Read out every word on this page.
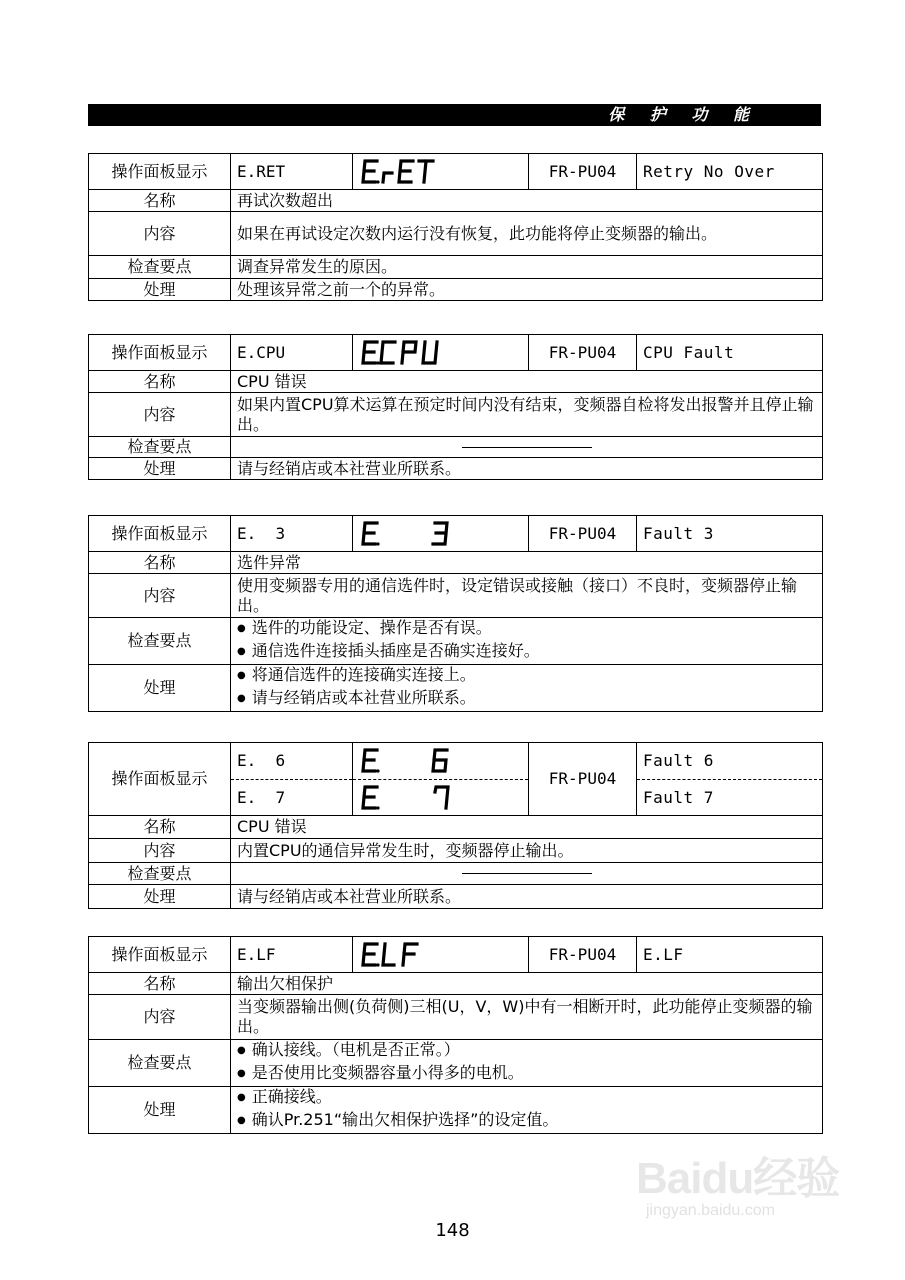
保 护 功 能
操作面板显示	E.RET		FR-PU04	Retry No Over
名称	再试次数超出			
内容	如果在再试设定次数内运行没有恢复，此功能将停止变频器的输出。			
检查要点	调查异常发生的原因。			
处理	处理该异常之前一个的异常。			
操作面板显示	E.CPU		FR-PU04	CPU Fault
名称	CPU 错误			
内容	如果内置CPU算术运算在预定时间内没有结束，变频器自检将发出报警并且停止输出。			
检查要点				

处理	请与经销店或本社营业所联系。			
操作面板显示	E.  3		FR-PU04	Fault 3
名称	选件异常			
内容	使用变频器专用的通信选件时，设定错误或接触（接口）不良时，变频器停止输出。			
检查要点	● 选件的功能设定、操作是否有误。
● 通信选件连接插头插座是否确实连接好。

处理	● 将通信选件的连接确实连接上。
● 请与经销店或本社营业所联系。
操作面板显示	E.  6		FR-PU04	Fault 6
	E.  7			Fault 7
名称	CPU 错误			
内容	内置CPU的通信异常发生时，变频器停止输出。			
检查要点				

处理	请与经销店或本社营业所联系。			
操作面板显示	E.LF		FR-PU04	E.LF
名称	输出欠相保护			
内容	当变频器输出侧(负荷侧)三相(U，V，W)中有一相断开时，此功能停止变频器的输出。			
检查要点	● 确认接线。（电机是否正常。）
● 是否使用比变频器容量小得多的电机。

处理	● 正确接线。
● 确认Pr.251“输出欠相保护选择”的设定值。
Baidu经验
jingyan.baidu.com
148
